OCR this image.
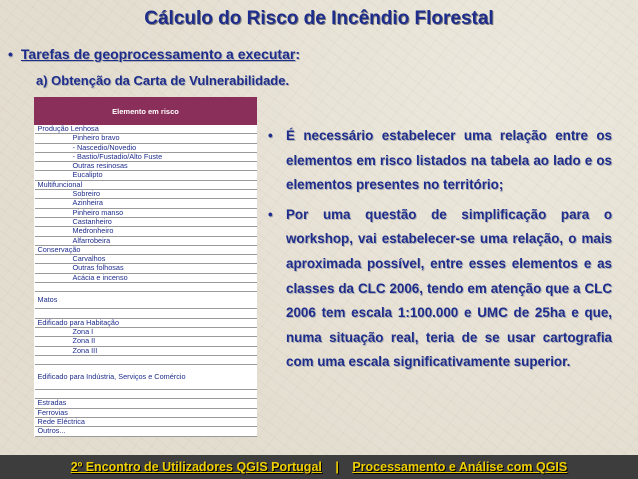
Cálculo do Risco de Incêndio Florestal
• Tarefas de geoprocessamento a executar:
a) Obtenção da Carta de Vulnerabilidade.
Elemento em risco
Produção Lenhosa
Pinheiro bravo
- Nascedio/Novedio
- Bastio/Fustadio/Alto Fuste
Outras resinosas
Eucalipto
Multifuncional
Sobreiro
Azinheira
Pinheiro manso
Castanheiro
Medronheiro
Alfarrobeira
Conservação
Carvalhos
Outras folhosas
Acácia e incenso

Matos

Edificado para Habitação
Zona I
Zona II
Zona III

Edificado para Indústria, Serviços e Comércio

Estradas
Ferrovias
Rede Eléctrica
Outros...
• É necessário estabelecer uma relação entre os elementos em risco listados na tabela ao lado e os elementos presentes no território;
• Por uma questão de simplificação para o workshop, vai estabelecer-se uma relação, o mais aproximada possível, entre esses elementos e as classes da CLC 2006, tendo em atenção que a CLC 2006 tem escala 1:100.000 e UMC de 25ha e que, numa situação real, teria de se usar cartografia com uma escala significativamente superior.
2º Encontro de Utilizadores QGIS Portugal | Processamento e Análise com QGIS
